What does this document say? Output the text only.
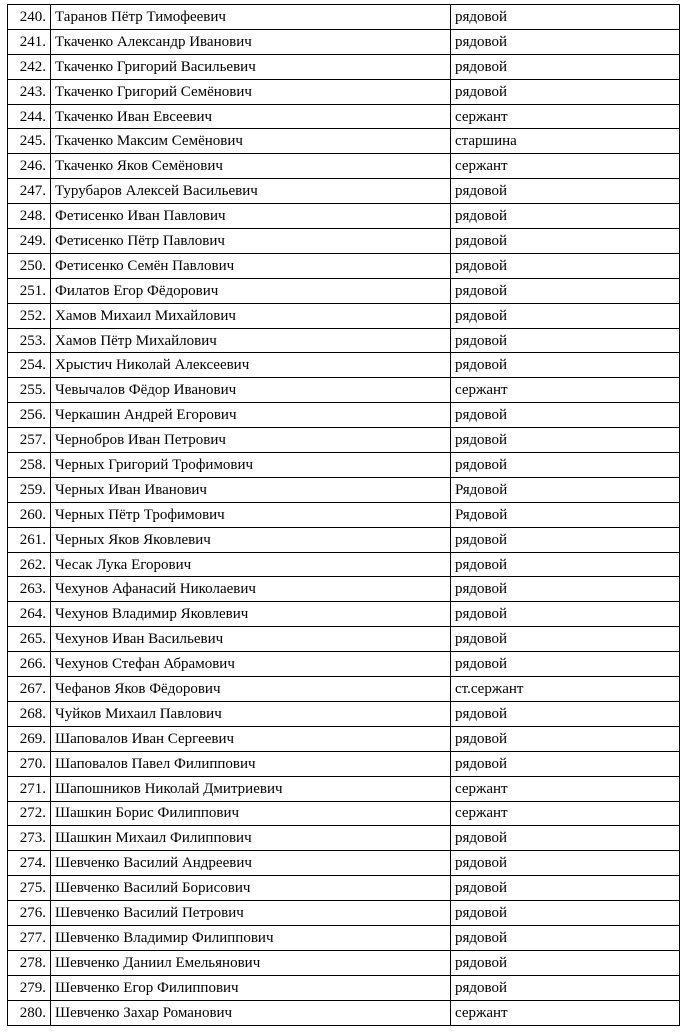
240.	Таранов Пётр Тимофеевич	рядовой
241.	Ткаченко Александр Иванович	рядовой
242.	Ткаченко Григорий Васильевич	рядовой
243.	Ткаченко Григорий Семёнович	рядовой
244.	Ткаченко Иван Евсеевич	сержант
245.	Ткаченко Максим Семёнович	старшина
246.	Ткаченко Яков Семёнович	сержант
247.	Турубаров Алексей Васильевич	рядовой
248.	Фетисенко Иван Павлович	рядовой
249.	Фетисенко Пётр Павлович	рядовой
250.	Фетисенко Семён Павлович	рядовой
251.	Филатов Егор Фёдорович	рядовой
252.	Хамов Михаил Михайлович	рядовой
253.	Хамов Пётр Михайлович	рядовой
254.	Хрыстич Николай Алексеевич	рядовой
255.	Чевычалов Фёдор Иванович	сержант
256.	Черкашин Андрей Егорович	рядовой
257.	Чернобров Иван Петрович	рядовой
258.	Черных Григорий Трофимович	рядовой
259.	Черных Иван Иванович	Рядовой
260.	Черных Пётр Трофимович	Рядовой
261.	Черных Яков Яковлевич	рядовой
262.	Чесак Лука Егорович	рядовой
263.	Чехунов Афанасий Николаевич	рядовой
264.	Чехунов Владимир Яковлевич	рядовой
265.	Чехунов Иван Васильевич	рядовой
266.	Чехунов Стефан Абрамович	рядовой
267.	Чефанов Яков Фёдорович	ст.сержант
268.	Чуйков Михаил Павлович	рядовой
269.	Шаповалов Иван Сергеевич	рядовой
270.	Шаповалов Павел Филиппович	рядовой
271.	Шапошников Николай Дмитриевич	сержант
272.	Шашкин Борис Филиппович	сержант
273.	Шашкин Михаил Филиппович	рядовой
274.	Шевченко Василий Андреевич	рядовой
275.	Шевченко Василий Борисович	рядовой
276.	Шевченко Василий Петрович	рядовой
277.	Шевченко Владимир Филиппович	рядовой
278.	Шевченко Даниил Емельянович	рядовой
279.	Шевченко Егор Филиппович	рядовой
280.	Шевченко Захар Романович	сержант
